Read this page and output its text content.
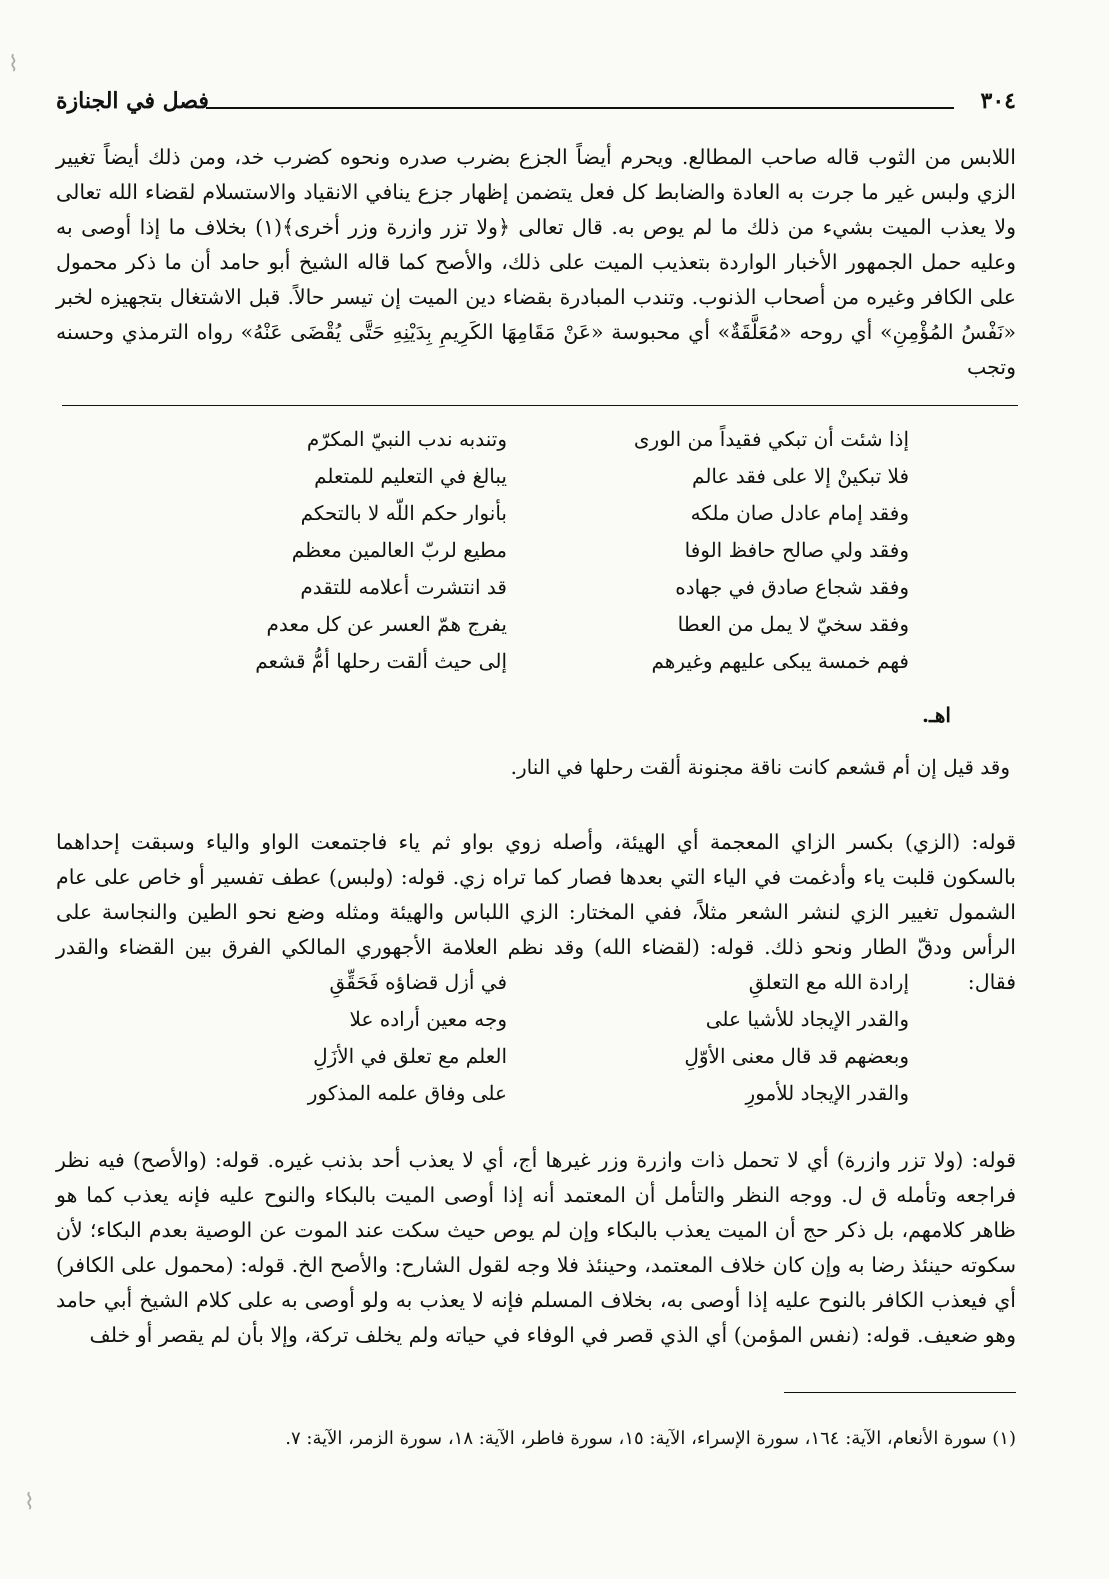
٣٠٤
فصل في الجنازة
اللابس من الثوب قاله صاحب المطالع. ويحرم أيضاً الجزع بضرب صدره ونحوه كضرب خد، ومن ذلك أيضاً تغيير الزي ولبس غير ما جرت به العادة والضابط كل فعل يتضمن إظهار جزع ينافي الانقياد والاستسلام لقضاء الله تعالى ولا يعذب الميت بشيء من ذلك ما لم يوص به. قال تعالى ﴿ولا تزر وازرة وزر أخرى﴾(١) بخلاف ما إذا أوصى به وعليه حمل الجمهور الأخبار الواردة بتعذيب الميت على ذلك، والأصح كما قاله الشيخ أبو حامد أن ما ذكر محمول على الكافر وغيره من أصحاب الذنوب. وتندب المبادرة بقضاء دين الميت إن تيسر حالاً. قبل الاشتغال بتجهيزه لخبر «نَفْسُ المُؤْمِنِ» أي روحه «مُعَلَّقَةٌ» أي محبوسة «عَنْ مَقَامِهَا الكَرِيمِ بِدَيْنِهِ حَتَّى يُقْضَى عَنْهُ» رواه الترمذي وحسنه وتجب
إذا شئت أن تبكي فقيداً من الورى
وتندبه ندب النبيّ المكرّم
فلا تبكينْ إلا على فقد عالم
يبالغ في التعليم للمتعلم
وفقد إمام عادل صان ملكه
بأنوار حكم اللّه لا بالتحكم
وفقد ولي صالح حافظ الوفا
مطيع لربّ العالمين معظم
وفقد شجاع صادق في جهاده
قد انتشرت أعلامه للتقدم
وفقد سخيّ لا يمل من العطا
يفرج همّ العسر عن كل معدم
فهم خمسة يبكى عليهم وغيرهم
إلى حيث ألقت رحلها أمُّ قشعم
اهـ.
وقد قيل إن أم قشعم كانت ناقة مجنونة ألقت رحلها في النار.
قوله: (الزي) بكسر الزاي المعجمة أي الهيئة، وأصله زوي بواو ثم ياء فاجتمعت الواو والياء وسبقت إحداهما بالسكون قلبت ياء وأدغمت في الياء التي بعدها فصار كما تراه زي. قوله: (ولبس) عطف تفسير أو خاص على عام الشمول تغيير الزي لنشر الشعر مثلاً، ففي المختار: الزي اللباس والهيئة ومثله وضع نحو الطين والنجاسة على الرأس ودقّ الطار ونحو ذلك. قوله: (لقضاء الله) وقد نظم العلامة الأجهوري المالكي الفرق بين القضاء والقدر فقال:
إرادة الله مع التعلقِ
في أزل قضاؤه فَحَقِّقِ
والقدر الإيجاد للأشيا على
وجه معين أراده علا
وبعضهم قد قال معنى الأوّلِ
العلم مع تعلق في الأزَلِ
والقدر الإيجاد للأمورِ
على وفاق علمه المذكور
قوله: (ولا تزر وازرة) أي لا تحمل ذات وازرة وزر غيرها أج، أي لا يعذب أحد بذنب غيره. قوله: (والأصح) فيه نظر فراجعه وتأمله ق ل. ووجه النظر والتأمل أن المعتمد أنه إذا أوصى الميت بالبكاء والنوح عليه فإنه يعذب كما هو ظاهر كلامهم، بل ذكر حج أن الميت يعذب بالبكاء وإن لم يوص حيث سكت عند الموت عن الوصية بعدم البكاء؛ لأن سكوته حينئذ رضا به وإن كان خلاف المعتمد، وحينئذ فلا وجه لقول الشارح: والأصح الخ. قوله: (محمول على الكافر) أي فيعذب الكافر بالنوح عليه إذا أوصى به، بخلاف المسلم فإنه لا يعذب به ولو أوصى به على كلام الشيخ أبي حامد وهو ضعيف. قوله: (نفس المؤمن) أي الذي قصر في الوفاء في حياته ولم يخلف تركة، وإلا بأن لم يقصر أو خلف
(١) سورة الأنعام، الآية: ١٦٤، سورة الإسراء، الآية: ١٥، سورة فاطر، الآية: ١٨، سورة الزمر، الآية: ٧.
⌇
⌇
